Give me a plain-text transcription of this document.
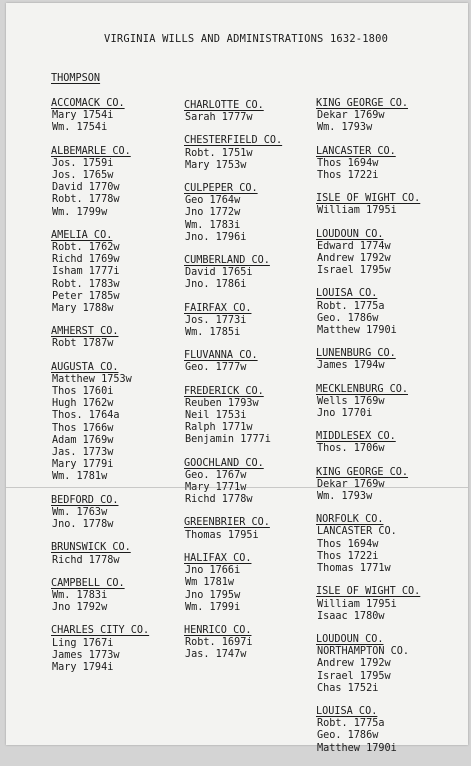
VIRGINIA WILLS AND ADMINISTRATIONS 1632-1800
THOMPSON
ACCOMACK CO.
Mary 1754i
Wm. 1754i
ALBEMARLE CO.
Jos. 1759i
Jos. 1765w
David 1770w
Robt. 1778w
Wm. 1799w
AMELIA CO.
Robt. 1762w
Richd 1769w
Isham 1777i
Robt. 1783w
Peter 1785w
Mary 1788w
AMHERST CO.
Robt 1787w
AUGUSTA CO.
Matthew 1753w
Thos 1760i
Hugh 1762w
Thos. 1764a
Thos 1766w
Adam 1769w
Jas. 1773w
Mary 1779i
Wm. 1781w
BEDFORD CO.
Wm. 1763w
Jno. 1778w
BRUNSWICK CO.
Richd 1778w
CAMPBELL CO.
Wm. 1783i
Jno 1792w
CHARLES CITY CO.
Ling 1767i
James 1773w
Mary 1794i
CHARLOTTE CO.
Sarah 1777w
CHESTERFIELD CO.
Robt. 1751w
Mary 1753w
CULPEPER CO.
Geo 1764w
Jno 1772w
Wm. 1783i
Jno. 1796i
CUMBERLAND CO.
David 1765i
Jno. 1786i
FAIRFAX CO.
Jos. 1773i
Wm. 1785i
FLUVANNA CO.
Geo. 1777w
FREDERICK CO.
Reuben 1793w
Neil 1753i
Ralph 1771w
Benjamin 1777i
GOOCHLAND CO.
Geo. 1767w
Mary 1771w
Richd 1778w
GREENBRIER CO.
Thomas 1795i
HALIFAX CO.
Jno 1766i
Wm 1781w
Jno 1795w
Wm. 1799i
HENRICO CO.
Robt. 1697i
Jas. 1747w
KING GEORGE CO.
Dekar 1769w
Wm. 1793w
LANCASTER CO.
Thos 1694w
Thos 1722i
ISLE OF WIGHT CO.
William 1795i
LOUDOUN CO.
Edward 1774w
Andrew 1792w
Israel 1795w
LOUISA CO.
Robt. 1775a
Geo. 1786w
Matthew 1790i
LUNENBURG CO.
James 1794w
MECKLENBURG CO.
Wells 1769w
Jno 1770i
MIDDLESEX CO.
Thos. 1706w
KING GEORGE CO.
Dekar 1769w
Wm. 1793w
NORFOLK CO.
LANCASTER CO.
Thos 1694w
Thos 1722i
Thomas 1771w
ISLE OF WIGHT CO.
William 1795i
Isaac 1780w
LOUDOUN CO.
NORTHAMPTON CO.
Andrew 1792w
Israel 1795w
Chas 1752i
LOUISA CO.
Robt. 1775a
Geo. 1786w
Matthew 1790i
